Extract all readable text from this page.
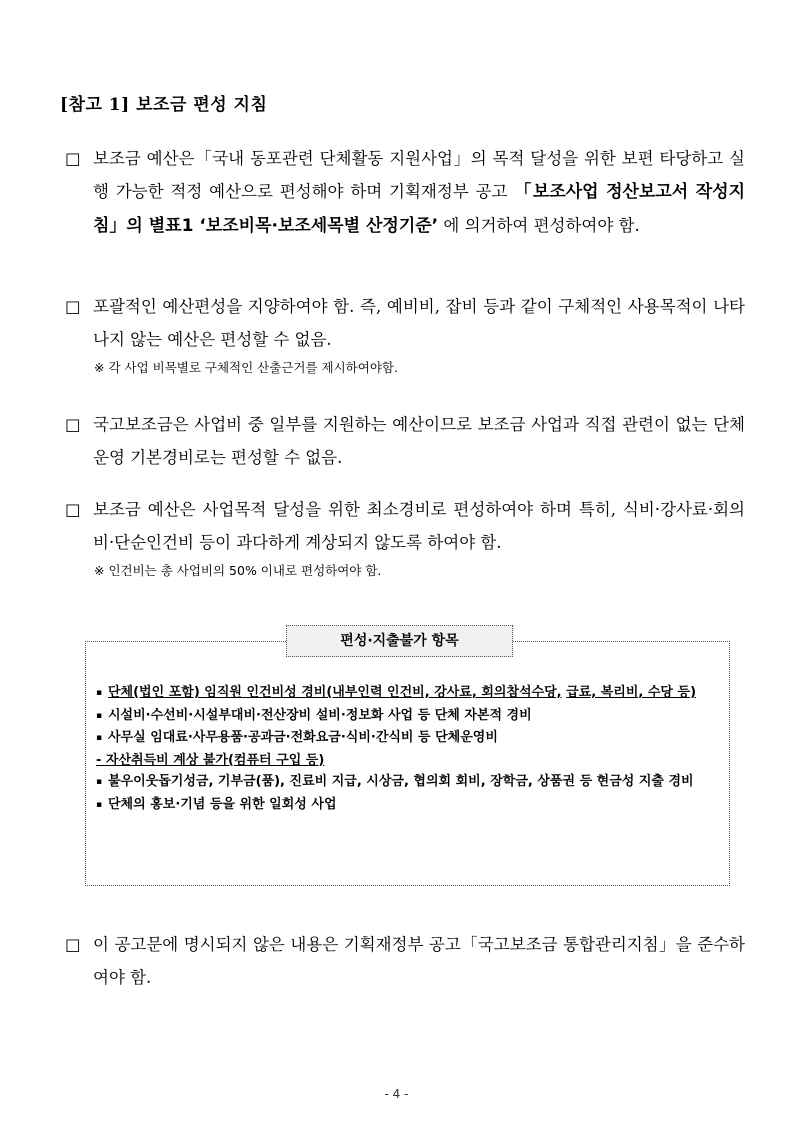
[참고 1] 보조금 편성 지침
□ 보조금 예산은「국내 동포관련 단체활동 지원사업」의 목적 달성을 위한 보편 타당하고 실행 가능한 적정 예산으로 편성해야 하며 기획재정부 공고 「보조사업 정산보고서 작성지침」의 별표1 ‘보조비목·보조세목별 산정기준’ 에 의거하여 편성하여야 함.
□ 포괄적인 예산편성을 지양하여야 함. 즉, 예비비, 잡비 등과 같이 구체적인 사용목적이 나타나지 않는 예산은 편성할 수 없음.
※ 각 사업 비목별로 구체적인 산출근거를 제시하여야함.
□ 국고보조금은 사업비 중 일부를 지원하는 예산이므로 보조금 사업과 직접 관련이 없는 단체운영 기본경비로는 편성할 수 없음.
□ 보조금 예산은 사업목적 달성을 위한 최소경비로 편성하여야 하며 특히, 식비·강사료·회의비·단순인건비 등이 과다하게 계상되지 않도록 하여야 함.
※ 인건비는 총 사업비의 50% 이내로 편성하여야 함.
편성·지출불가 항목
▪ 단체(법인 포함) 임직원 인건비성 경비(내부인력 인건비, 강사료, 회의참석수당, 급료, 복리비, 수당 등)
▪ 시설비·수선비·시설부대비·전산장비 설비·정보화 사업 등 단체 자본적 경비
▪ 사무실 임대료·사무용품·공과금·전화요금·식비·간식비 등 단체운영비
- 자산취득비 계상 불가(컴퓨터 구입 등)
▪ 불우이웃돕기성금, 기부금(품), 진료비 지급, 시상금, 협의회 회비, 장학금, 상품권 등 현금성 지출 경비
▪ 단체의 홍보·기념 등을 위한 일회성 사업
□ 이 공고문에 명시되지 않은 내용은 기획재정부 공고「국고보조금 통합관리지침」을 준수하여야 함.
- 4 -
